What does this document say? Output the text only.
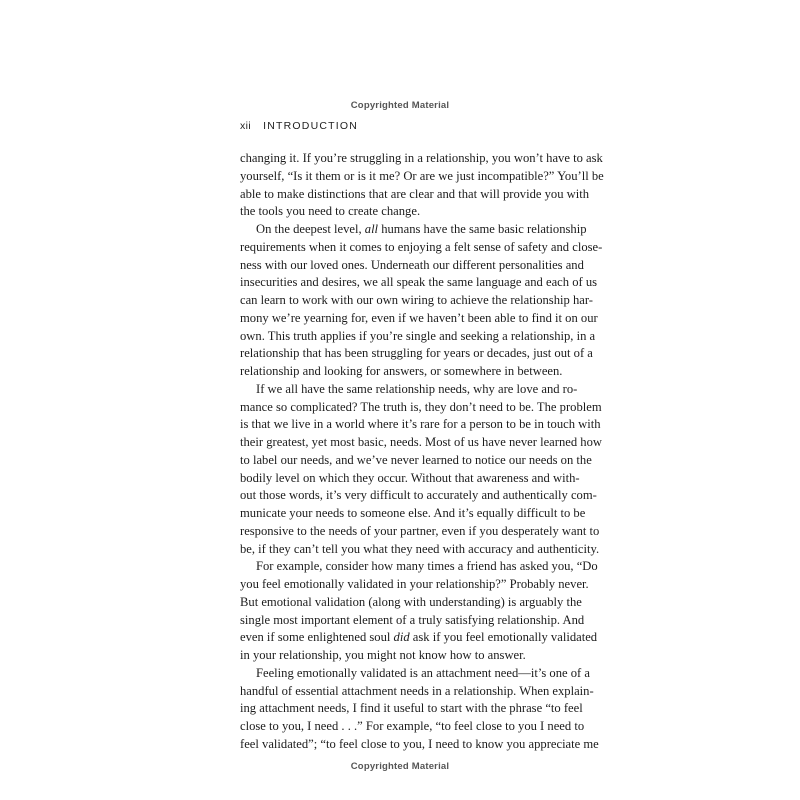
Copyrighted Material
xii INTRODUCTION

changing it. If you’re struggling in a relationship, you won’t have to ask
yourself, “Is it them or is it me? Or are we just incompatible?” You’ll be
able to make distinctions that are clear and that will provide you with
the tools you need to create change.

On the deepest level, all humans have the same basic relationship
requirements when it comes to enjoying a felt sense of safety and close-
ness with our loved ones. Underneath our different personalities and
insecurities and desires, we all speak the same language and each of us
can learn to work with our own wiring to achieve the relationship har-
mony we’re yearning for, even if we haven’t been able to find it on our
own. This truth applies if you’re single and seeking a relationship, in a
relationship that has been struggling for years or decades, just out of a
relationship and looking for answers, or somewhere in between.

If we all have the same relationship needs, why are love and ro-
mance so complicated? The truth is, they don’t need to be. The problem
is that we live in a world where it’s rare for a person to be in touch with
their greatest, yet most basic, needs. Most of us have never learned how
to label our needs, and we’ve never learned to notice our needs on the
bodily level on which they occur. Without that awareness and with-
out those words, it’s very difficult to accurately and authentically com-
municate your needs to someone else. And it’s equally difficult to be
responsive to the needs of your partner, even if you desperately want to
be, if they can’t tell you what they need with accuracy and authenticity.

For example, consider how many times a friend has asked you, “Do
you feel emotionally validated in your relationship?” Probably never.
But emotional validation (along with understanding) is arguably the
single most important element of a truly satisfying relationship. And
even if some enlightened soul did ask if you feel emotionally validated
in your relationship, you might not know how to answer.

Feeling emotionally validated is an attachment need—it’s one of a
handful of essential attachment needs in a relationship. When explain-
ing attachment needs, I find it useful to start with the phrase “to feel
close to you, I need . . .” For example, “to feel close to you I need to
feel validated”; “to feel close to you, I need to know you appreciate me

Copyrighted Material
